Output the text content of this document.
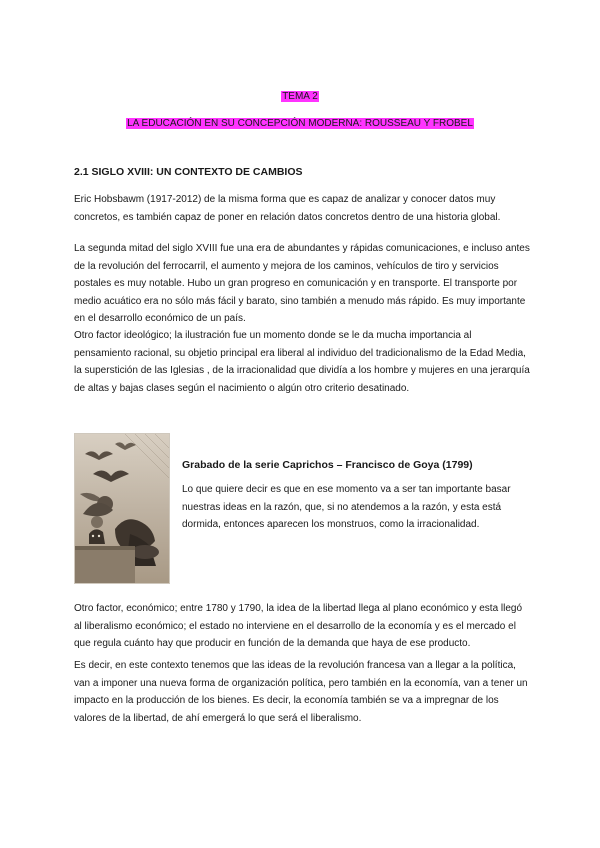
TEMA 2
LA EDUCACIÓN EN SU CONCEPCIÓN MODERNA: ROUSSEAU Y FROBEL
2.1 SIGLO XVIII: UN CONTEXTO DE CAMBIOS

Eric Hobsbawm (1917-2012) de la misma forma que es capaz de analizar y conocer datos muy concretos, es también capaz de poner en relación datos concretos dentro de una historia global.

La segunda mitad del siglo XVIII fue una era de abundantes y rápidas comunicaciones, e incluso antes de la revolución del ferrocarril, el aumento y mejora de los caminos, vehículos de tiro y servicios postales es muy notable. Hubo un gran progreso en comunicación y en transporte. El transporte por medio acuático era no sólo más fácil y barato, sino también a menudo más rápido. Es muy importante en el desarrollo económico de un país.

Otro factor ideológico; la ilustración fue un momento donde se le da mucha importancia al pensamiento racional, su objetio principal era liberal al individuo del tradicionalismo de la Edad Media, la superstición de las Iglesias , de la irracionalidad que dividía a los hombre y mujeres en una jerarquía de altas y bajas clases según el nacimiento o algún otro criterio desatinado.

Grabado de la serie Caprichos – Francisco de Goya (1799)

Lo que quiere decir es que en ese momento va a ser tan importante basar nuestras ideas en la razón, que, si no atendemos a la razón, y esta está dormida, entonces aparecen los monstruos, como la irracionalidad.

Otro factor, económico; entre 1780 y 1790, la idea de la libertad llega al plano económico y esta llegó al liberalismo económico; el estado no interviene en el desarrollo de la economía y es el mercado el que regula cuánto hay que producir en función de la demanda que haya de ese producto.

Es decir, en este contexto tenemos que las ideas de la revolución francesa van a llegar a la política, van a imponer una nueva forma de organización política, pero también en la economía, van a tener un impacto en la producción de los bienes. Es decir, la economía también se va a impregnar de los valores de la libertad, de ahí emergerá lo que será el liberalismo.
